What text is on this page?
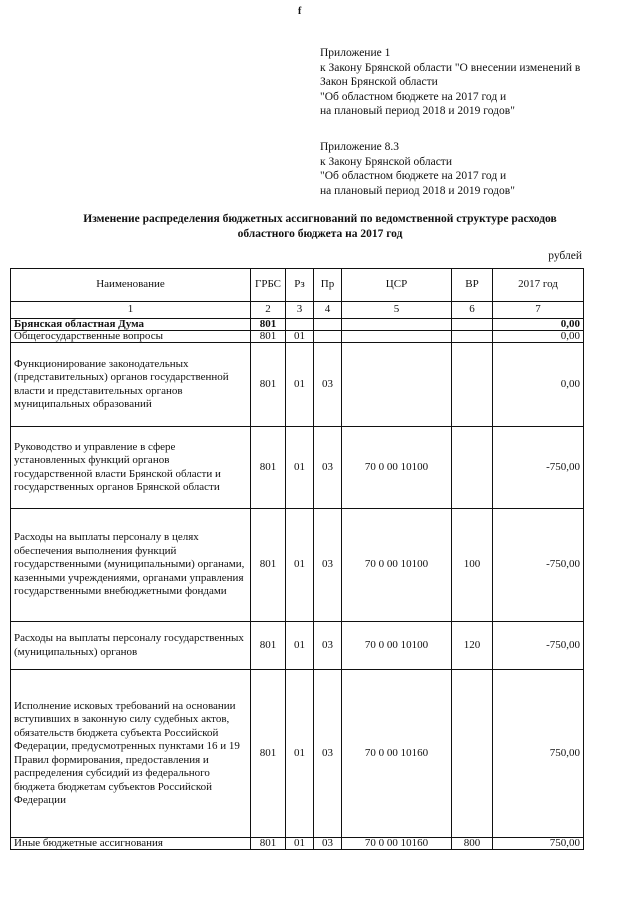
f
Приложение 1
к Закону Брянской области "О внесении изменений в
Закон Брянской области
"Об областном бюджете на 2017 год и
на плановый период 2018 и 2019 годов"
Приложение 8.3
к Закону Брянской области
"Об областном бюджете на 2017 год и
на плановый период 2018 и 2019 годов"
Изменение распределения бюджетных ассигнований по ведомственной структуре расходов
областного бюджета на 2017 год
рублей
Наименование	ГРБС	Рз	Пр	ЦСР	ВР	2017 год
1	2	3	4	5	6	7
Брянская областная Дума	801					0,00
Общегосударственные вопросы	801	01				0,00
Функционирование законодательных (представительных) органов государственной власти и представительных органов муниципальных образований	801	01	03			0,00
Руководство и управление в сфере установленных функций органов государственной власти Брянской области и государственных органов Брянской области	801	01	03	70 0 00 10100		-750,00
Расходы на выплаты персоналу в целях обеспечения выполнения функций государственными (муниципальными) органами, казенными учреждениями, органами управления государственными внебюджетными фондами	801	01	03	70 0 00 10100	100	-750,00
Расходы на выплаты персоналу государственных (муниципальных) органов	801	01	03	70 0 00 10100	120	-750,00
Исполнение исковых требований на основании вступивших в законную силу судебных актов, обязательств бюджета субъекта Российской Федерации, предусмотренных пунктами 16 и 19 Правил формирования, предоставления и распределения субсидий из федерального бюджета бюджетам субъектов Российской Федерации	801	01	03	70 0 00 10160		750,00
Иные бюджетные ассигнования	801	01	03	70 0 00 10160	800	750,00
